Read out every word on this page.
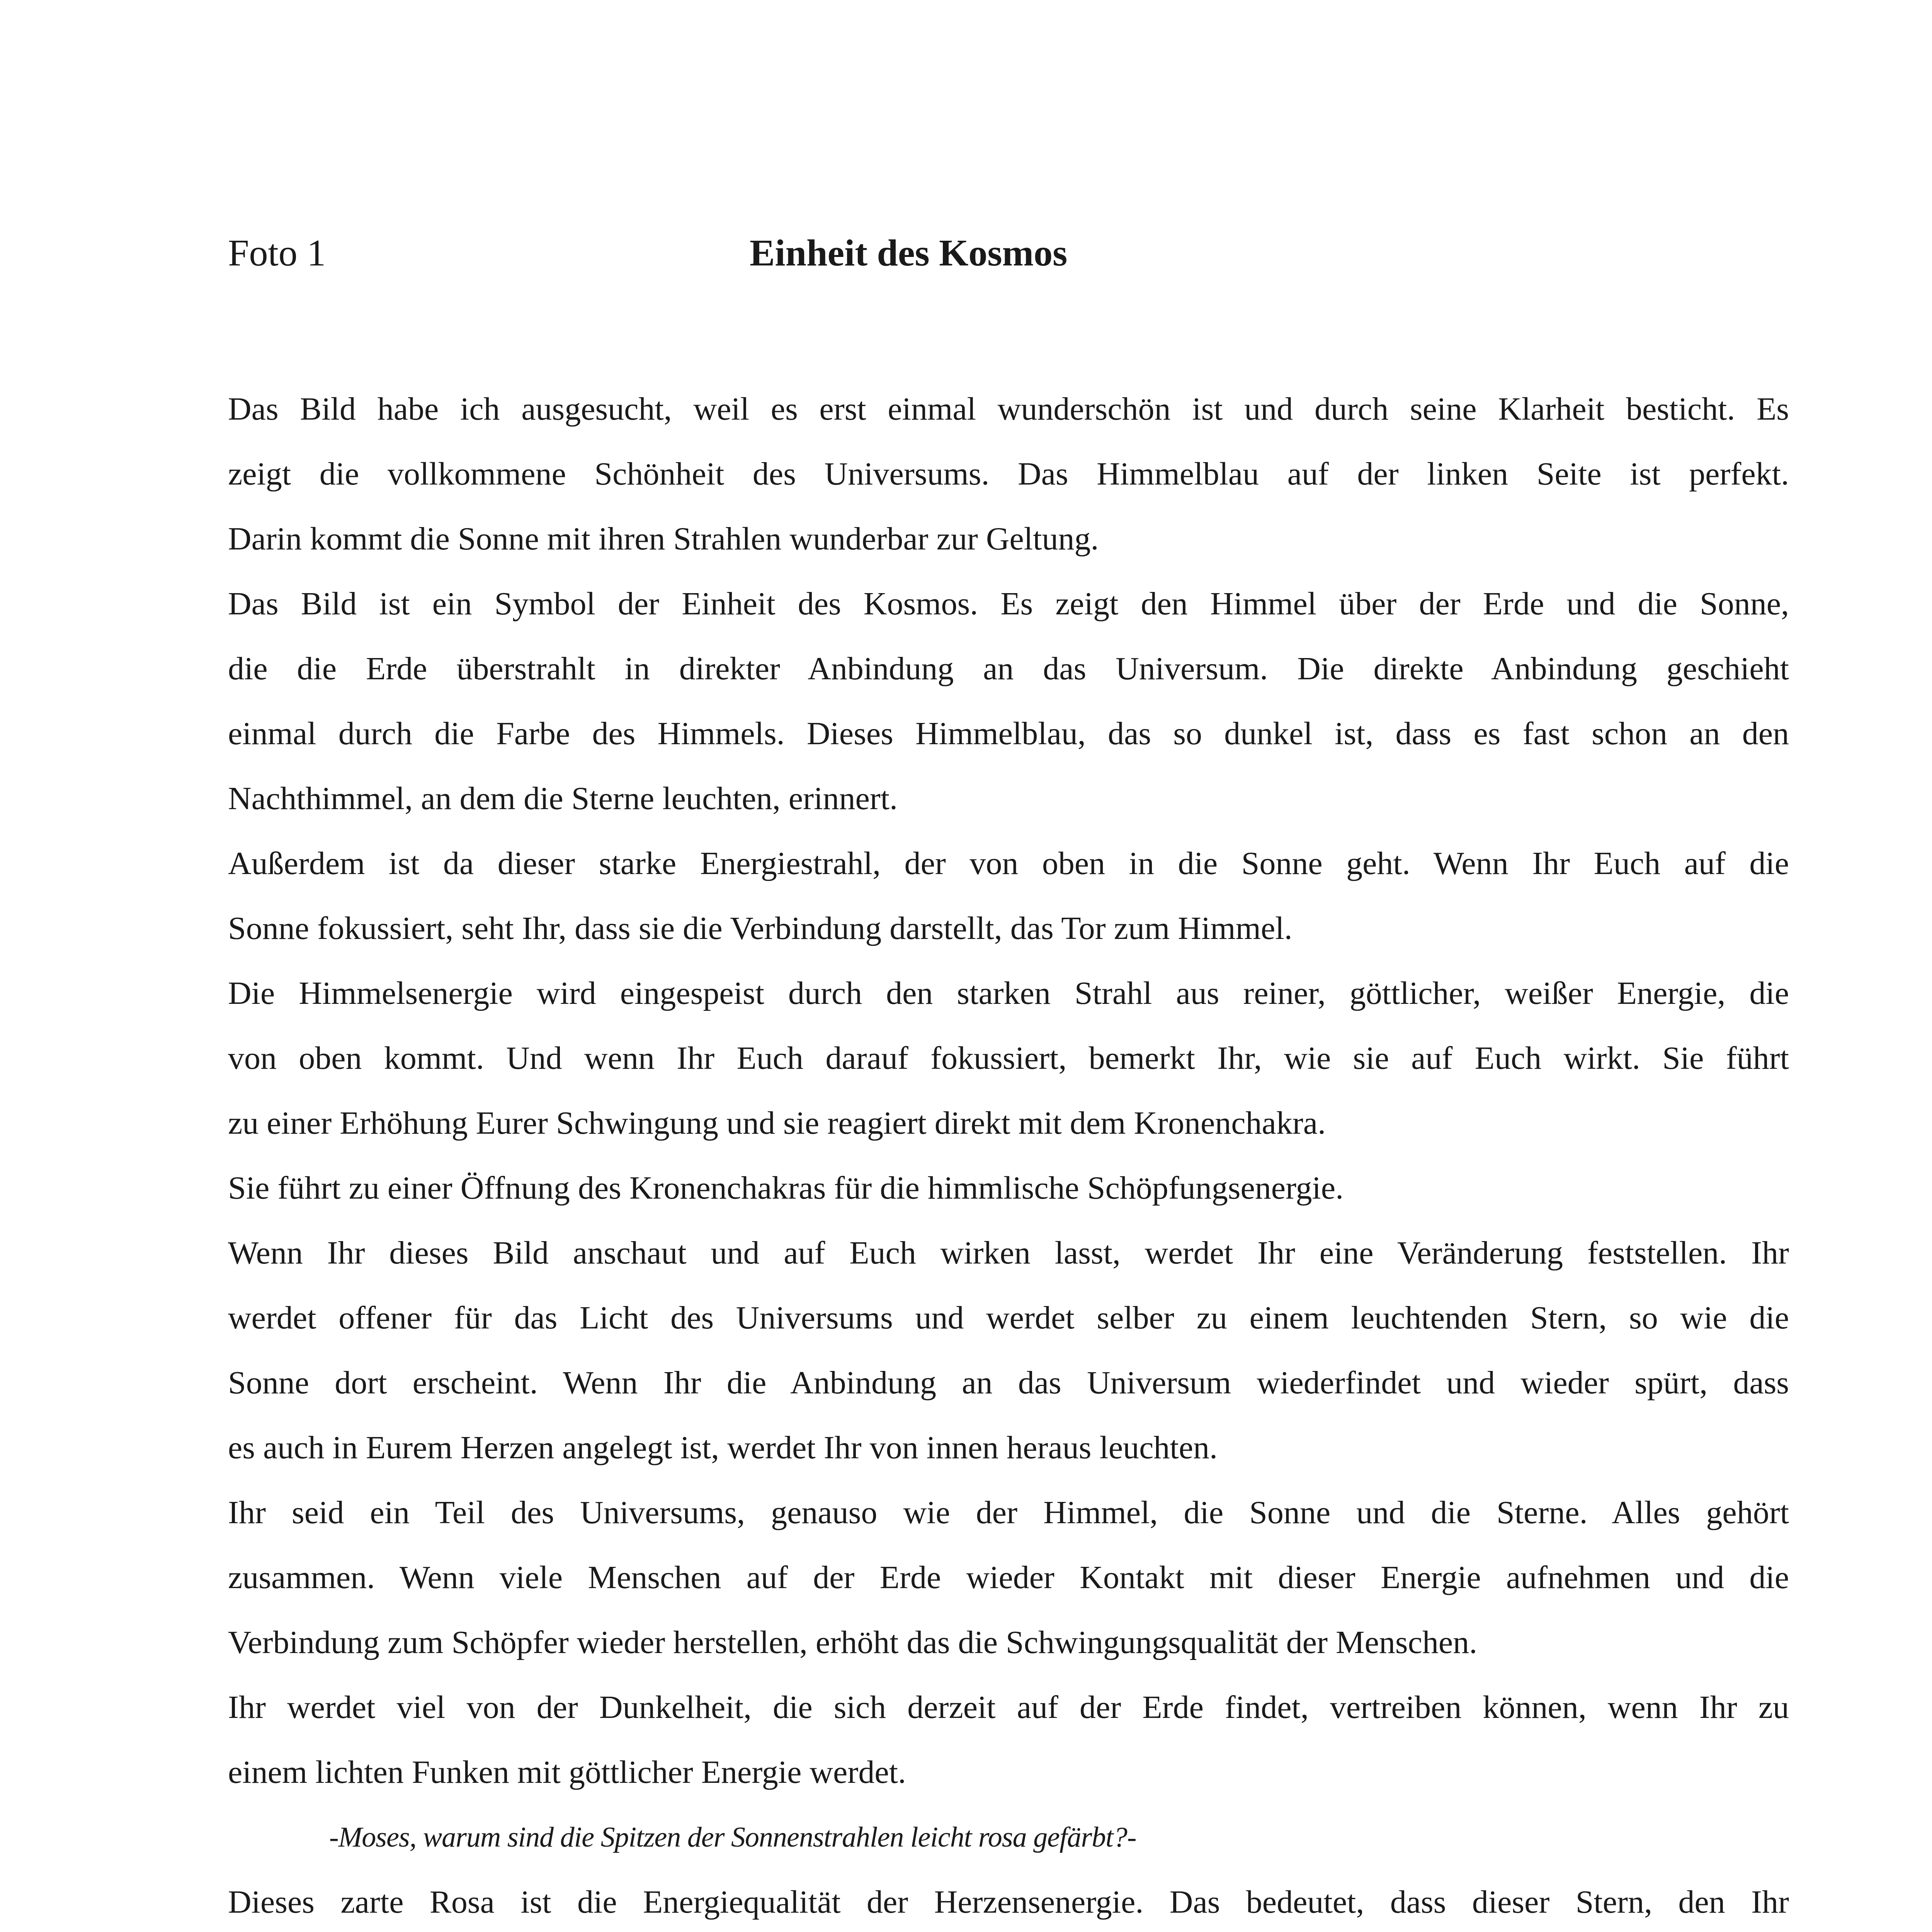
Foto 1	Einheit des Kosmos
Das Bild habe ich ausgesucht, weil es erst einmal wunderschön ist und durch seine Klarheit besticht. Es
zeigt die vollkommene Schönheit des Universums. Das Himmelblau auf der linken Seite ist perfekt.
Darin kommt die Sonne mit ihren Strahlen wunderbar zur Geltung.
Das Bild ist ein Symbol der Einheit des Kosmos. Es zeigt den Himmel über der Erde und die Sonne,
die die Erde überstrahlt in direkter Anbindung an das Universum. Die direkte Anbindung geschieht
einmal durch die Farbe des Himmels. Dieses Himmelblau, das so dunkel ist, dass es fast schon an den
Nachthimmel, an dem die Sterne leuchten, erinnert.
Außerdem ist da dieser starke Energiestrahl, der von oben in die Sonne geht. Wenn Ihr Euch auf die
Sonne fokussiert, seht Ihr, dass sie die Verbindung darstellt, das Tor zum Himmel.
Die Himmelsenergie wird eingespeist durch den starken Strahl aus reiner, göttlicher, weißer Energie, die
von oben kommt. Und wenn Ihr Euch darauf fokussiert, bemerkt Ihr, wie sie auf Euch wirkt. Sie führt
zu einer Erhöhung Eurer Schwingung und sie reagiert direkt mit dem Kronenchakra.
Sie führt zu einer Öffnung des Kronenchakras für die himmlische Schöpfungsenergie.
Wenn Ihr dieses Bild anschaut und auf Euch wirken lasst, werdet Ihr eine Veränderung feststellen. Ihr
werdet offener für das Licht des Universums und werdet selber zu einem leuchtenden Stern, so wie die
Sonne dort erscheint. Wenn Ihr die Anbindung an das Universum wiederfindet und wieder spürt, dass
es auch in Eurem Herzen angelegt ist, werdet Ihr von innen heraus leuchten.
Ihr seid ein Teil des Universums, genauso wie der Himmel, die Sonne und die Sterne. Alles gehört
zusammen. Wenn viele Menschen auf der Erde wieder Kontakt mit dieser Energie aufnehmen und die
Verbindung zum Schöpfer wieder herstellen, erhöht das die Schwingungsqualität der Menschen.
Ihr werdet viel von der Dunkelheit, die sich derzeit auf der Erde findet, vertreiben können, wenn Ihr zu
einem lichten Funken mit göttlicher Energie werdet.
-Moses, warum sind die Spitzen der Sonnenstrahlen leicht rosa gefärbt?-
Dieses zarte Rosa ist die Energiequalität der Herzensenergie. Das bedeutet, dass dieser Stern, den Ihr
